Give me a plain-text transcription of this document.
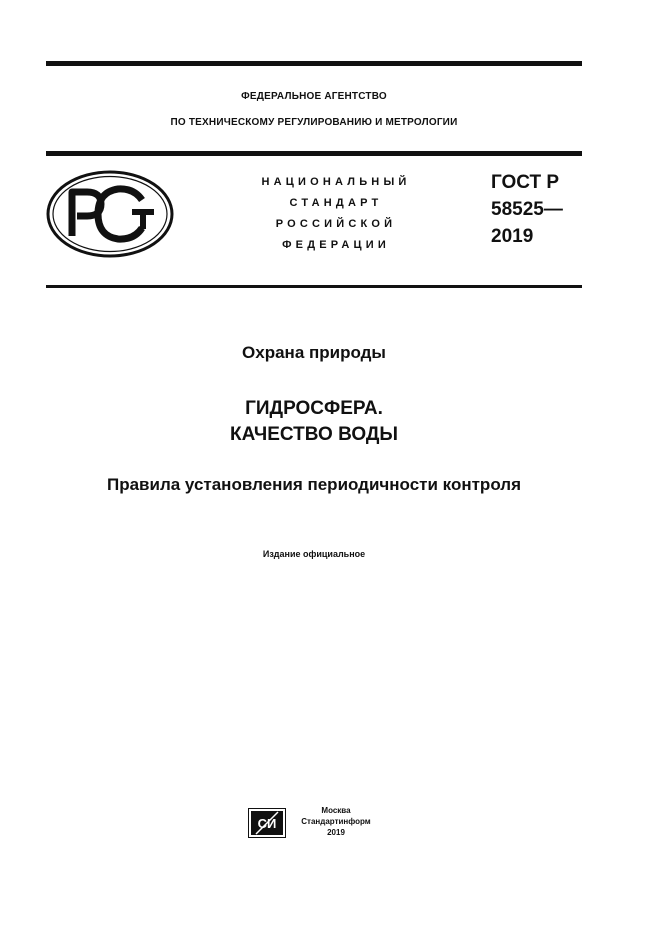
ФЕДЕРАЛЬНОЕ АГЕНТСТВО
ПО ТЕХНИЧЕСКОМУ РЕГУЛИРОВАНИЮ И МЕТРОЛОГИИ
НАЦИОНАЛЬНЫЙ
СТАНДАРТ
РОССИЙСКОЙ
ФЕДЕРАЦИИ
ГОСТ Р
58525—
2019
Охрана природы
ГИДРОСФЕРА.
КАЧЕСТВО ВОДЫ
Правила установления периодичности контроля
Издание официальное
СИ
Москва
Стандартинформ
2019
